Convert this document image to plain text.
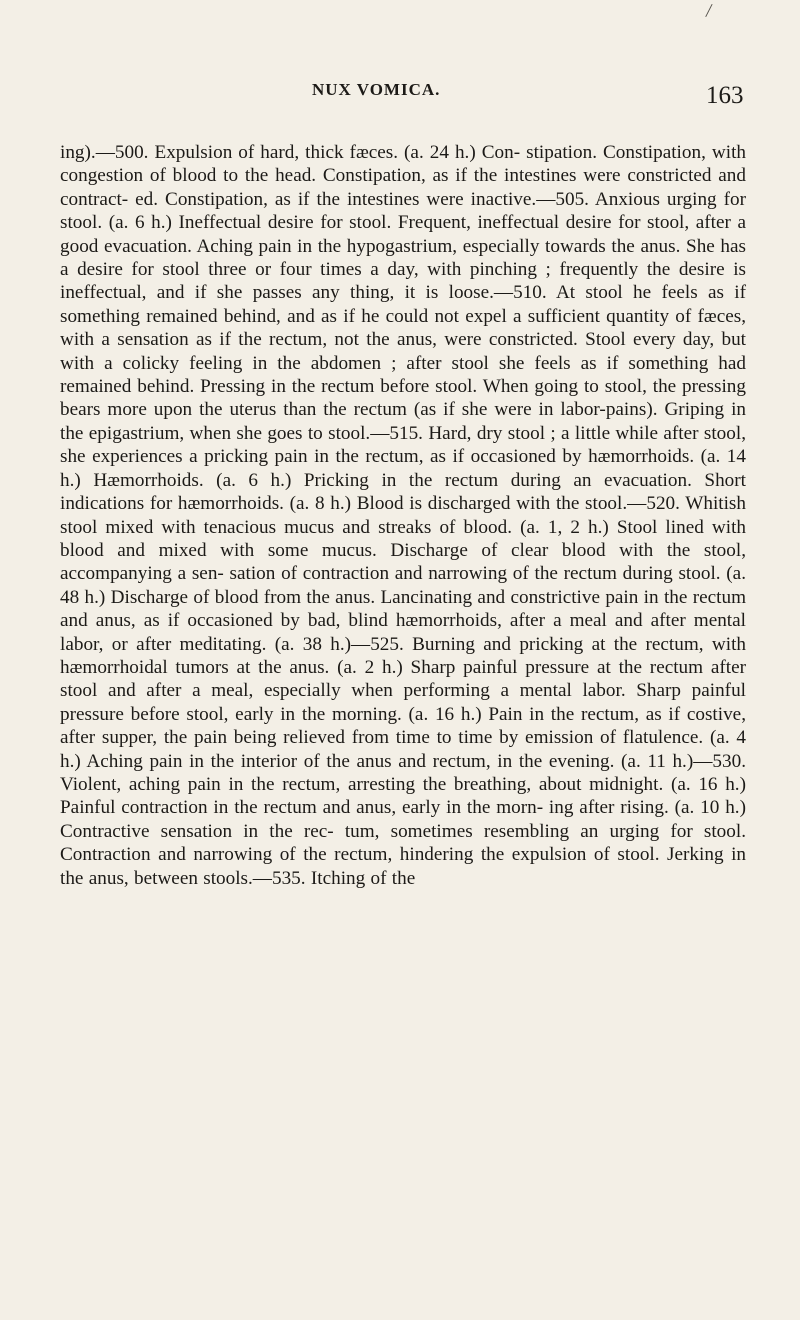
NUX VOMICA.	163
/
ing).—500. Expulsion of hard, thick fæces. (a. 24 h.) Con- stipation. Constipation, with congestion of blood to the head. Constipation, as if the intestines were constricted and contract- ed. Constipation, as if the intestines were inactive.—505. Anxious urging for stool. (a. 6 h.) Ineffectual desire for stool. Frequent, ineffectual desire for stool, after a good evacuation. Aching pain in the hypogastrium, especially towards the anus. She has a desire for stool three or four times a day, with pinching ; frequently the desire is ineffectual, and if she passes any thing, it is loose.—510. At stool he feels as if something remained behind, and as if he could not expel a sufficient quantity of fæces, with a sensation as if the rectum, not the anus, were constricted. Stool every day, but with a colicky feeling in the abdomen ; after stool she feels as if something had remained behind. Pressing in the rectum before stool. When going to stool, the pressing bears more upon the uterus than the rectum (as if she were in labor-pains). Griping in the epigastrium, when she goes to stool.—515. Hard, dry stool ; a little while after stool, she experiences a pricking pain in the rectum, as if occasioned by hæmorrhoids. (a. 14 h.) Hæmorrhoids. (a. 6 h.) Pricking in the rectum during an evacuation. Short indications for hæmorrhoids. (a. 8 h.) Blood is discharged with the stool.—520. Whitish stool mixed with tenacious mucus and streaks of blood. (a. 1, 2 h.) Stool lined with blood and mixed with some mucus. Discharge of clear blood with the stool, accompanying a sen- sation of contraction and narrowing of the rectum during stool. (a. 48 h.) Discharge of blood from the anus. Lancinating and constrictive pain in the rectum and anus, as if occasioned by bad, blind hæmorrhoids, after a meal and after mental labor, or after meditating. (a. 38 h.)—525. Burning and pricking at the rectum, with hæmorrhoidal tumors at the anus. (a. 2 h.) Sharp painful pressure at the rectum after stool and after a meal, especially when performing a mental labor. Sharp painful pressure before stool, early in the morning. (a. 16 h.) Pain in the rectum, as if costive, after supper, the pain being relieved from time to time by emission of flatulence. (a. 4 h.) Aching pain in the interior of the anus and rectum, in the evening. (a. 11 h.)—530. Violent, aching pain in the rectum, arresting the breathing, about midnight. (a. 16 h.) Painful contraction in the rectum and anus, early in the morn- ing after rising. (a. 10 h.) Contractive sensation in the rec- tum, sometimes resembling an urging for stool. Contraction and narrowing of the rectum, hindering the expulsion of stool. Jerking in the anus, between stools.—535. Itching of the
